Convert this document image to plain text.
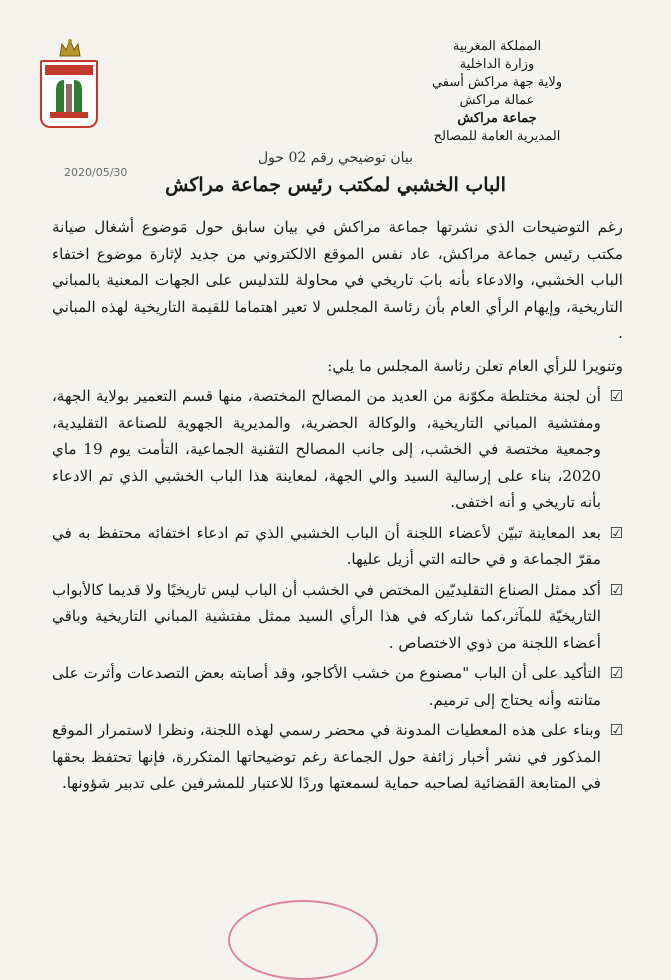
المملكة المغربية
وزارة الداخلية
ولاية جهة مراكش أسفي
عمالة مراكش
جماعة مراكش
المديرية العامة للمصالح
2020/05/30
بيان توضيحي رقم 02 حول
الباب الخشبي لمكتب رئيس جماعة مراكش

رغم التوضيحات الذي نشرتها جماعة مراكش في بيان سابق حول مَوضوع أشغال صيانة مكتب رئيس جماعة مراكش، عاد نفس الموقع الالكتروني من جديد لإثارة موضوع اختفاء الباب الخشبي، والادعاء بأنه بابَ تاريخي في محاولة للتدليس على الجهات المعنية بالمباني التاريخية، وإيهام الرأي العام بأن رئاسة المجلس لا تعير اهتماما للقيمة التاريخية لهذه المباني .

وتنويرا للرأي العام تعلن رئاسة المجلس ما يلي:

☑
أن لجنة مختلطة مكوّنة من العديد من المصالح المختصة، منها قسم التعمير بولاية الجهة، ومفتشية المباني التاريخية، والوكالة الحضرية، والمديرية الجهوية للصناعة التقليدية، وجمعية مختصة في الخشب، إلى جانب المصالح التقنية الجماعية، التأمت يوم 19 ماي 2020، بناء على إرسالية السيد والي الجهة، لمعاينة هذا الباب الخشبي الذي تم الادعاء بأنه تاريخي و أنه اختفى.
☑
بعد المعاينة تبيّن لأعضاء اللجنة أن الباب الخشبي الذي تم ادعاء اختفائه محتفظ به في مقرّ الجماعة و في حالته التي أزيل عليها.
☑
أكد ممثل الصناع التقليديّين المختص في الخشب أن الباب ليس تاريخيًا ولا قديما كالأبواب التاريخيّة للمآثر،كما شاركه في هذا الرأي السيد ممثل مفتشية المباني التاريخية وباقي أعضاء اللجنة من ذوي الاختصاص .
☑
التأكيد على أن الباب "مصنوع من خشب الأكاجو، وقد أصابته بعض التصدعات وأثرت على متانته وأنه يحتاج إلى ترميم.
☑
وبناء على هذه المعطيات المدونة في محضر رسمي لهذه اللجنة، ونظرا لاستمرار الموقع المذكور في نشر أخبار زائفة حول الجماعة رغم توضيحاتها المتكررة، فإنها تحتفظ بحقها في المتابعة القضائية لصاحبه حماية لسمعتها وردًا للاعتبار للمشرفين على تدبير شؤونها.
